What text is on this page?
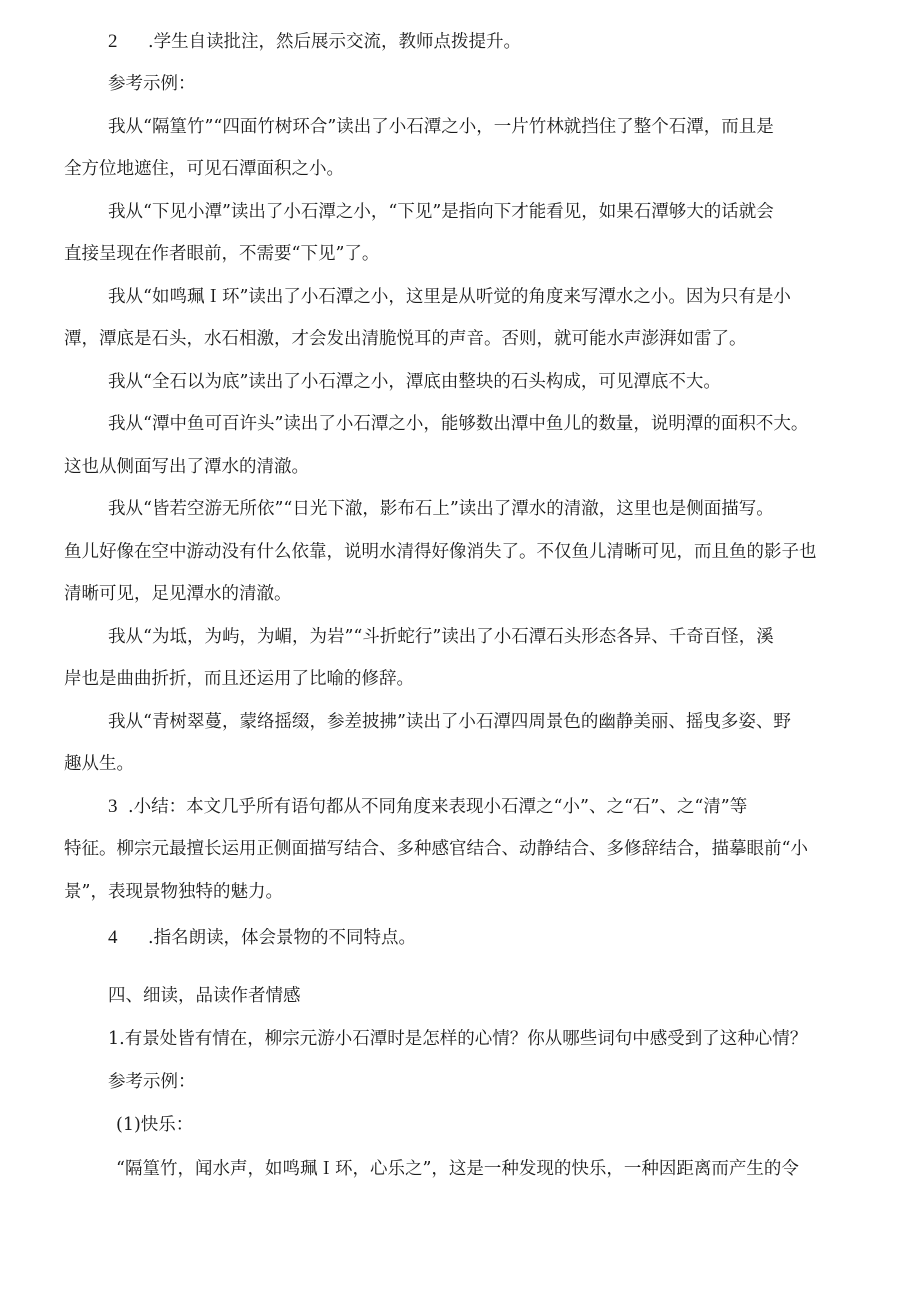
2 .学生自读批注，然后展示交流，教师点拨提升。
参考示例：
我从“隔篁竹”“四面竹树环合”读出了小石潭之小，一片竹林就挡住了整个石潭，而且是
全方位地遮住，可见石潭面积之小。
我从“下见小潭”读出了小石潭之小，“下见”是指向下才能看见，如果石潭够大的话就会
直接呈现在作者眼前，不需要“下见”了。
我从“如鸣珮Ｉ环”读出了小石潭之小，这里是从听觉的角度来写潭水之小。因为只有是小
潭，潭底是石头，水石相激，才会发出清脆悦耳的声音。否则，就可能水声澎湃如雷了。
我从“全石以为底”读出了小石潭之小，潭底由整块的石头构成，可见潭底不大。
我从“潭中鱼可百许头”读出了小石潭之小，能够数出潭中鱼儿的数量，说明潭的面积不大。
这也从侧面写出了潭水的清澈。
我从“皆若空游无所依”“日光下澈，影布石上”读出了潭水的清澈，这里也是侧面描写。
鱼儿好像在空中游动没有什么依靠，说明水清得好像消失了。不仅鱼儿清晰可见，而且鱼的影子也
清晰可见，足见潭水的清澈。
我从“为坻，为屿，为嵋，为岩”“斗折蛇行”读出了小石潭石头形态各异、千奇百怪，溪
岸也是曲曲折折，而且还运用了比喻的修辞。
我从“青树翠蔓，蒙络摇缀，参差披拂”读出了小石潭四周景色的幽静美丽、摇曳多姿、野
趣从生。
3 .小结：本文几乎所有语句都从不同角度来表现小石潭之“小”、之“石”、之“清”等
特征。柳宗元最擅长运用正侧面描写结合、多种感官结合、动静结合、多修辞结合，描摹眼前“小
景”，表现景物独特的魅力。
4 .指名朗读，体会景物的不同特点。
四、细读，品读作者情感
1.有景处皆有情在，柳宗元游小石潭时是怎样的心情？你从哪些词句中感受到了这种心情？
参考示例：
(1)快乐：
“隔篁竹，闻水声，如鸣珮Ｉ环，心乐之”，这是一种发现的快乐，一种因距离而产生的令
